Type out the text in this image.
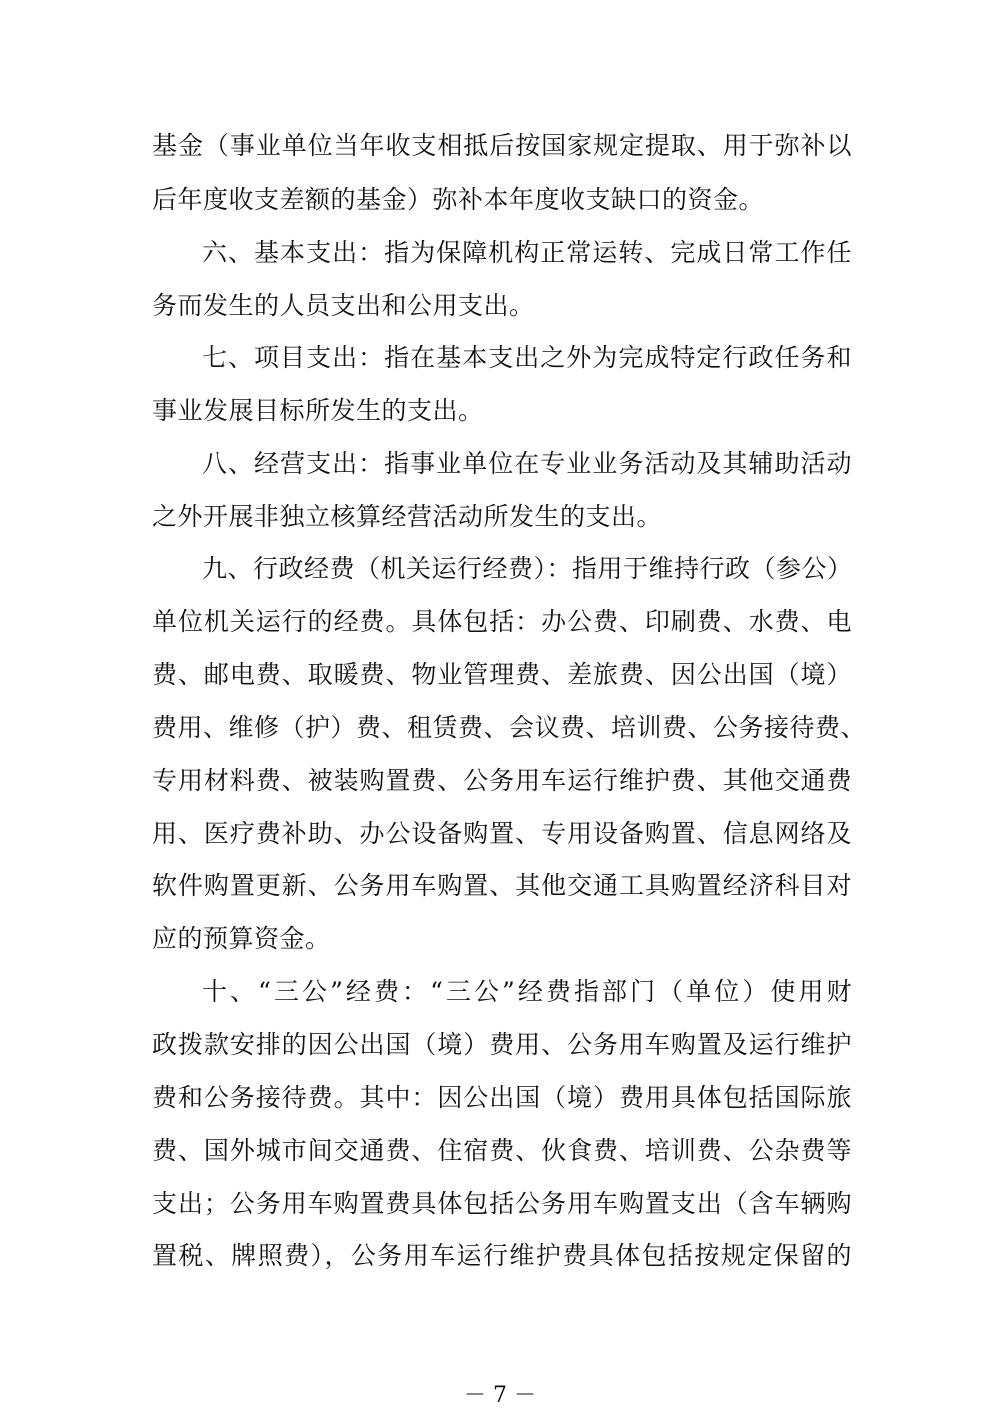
基金（事业单位当年收支相抵后按国家规定提取、用于弥补以
后年度收支差额的基金）弥补本年度收支缺口的资金。
六、基本支出：指为保障机构正常运转、完成日常工作任
务而发生的人员支出和公用支出。
七、项目支出：指在基本支出之外为完成特定行政任务和
事业发展目标所发生的支出。
八、经营支出：指事业单位在专业业务活动及其辅助活动
之外开展非独立核算经营活动所发生的支出。
九、行政经费（机关运行经费）：指用于维持行政（参公）
单位机关运行的经费。具体包括：办公费、印刷费、水费、电
费、邮电费、取暖费、物业管理费、差旅费、因公出国（境）
费用、维修（护）费、租赁费、会议费、培训费、公务接待费、
专用材料费、被装购置费、公务用车运行维护费、其他交通费
用、医疗费补助、办公设备购置、专用设备购置、信息网络及
软件购置更新、公务用车购置、其他交通工具购置经济科目对
应的预算资金。
十、“三公”经费：“三公”经费指部门（单位）使用财
政拨款安排的因公出国（境）费用、公务用车购置及运行维护
费和公务接待费。其中：因公出国（境）费用具体包括国际旅
费、国外城市间交通费、住宿费、伙食费、培训费、公杂费等
支出；公务用车购置费具体包括公务用车购置支出（含车辆购
置税、牌照费），公务用车运行维护费具体包括按规定保留的
－ 7 －
